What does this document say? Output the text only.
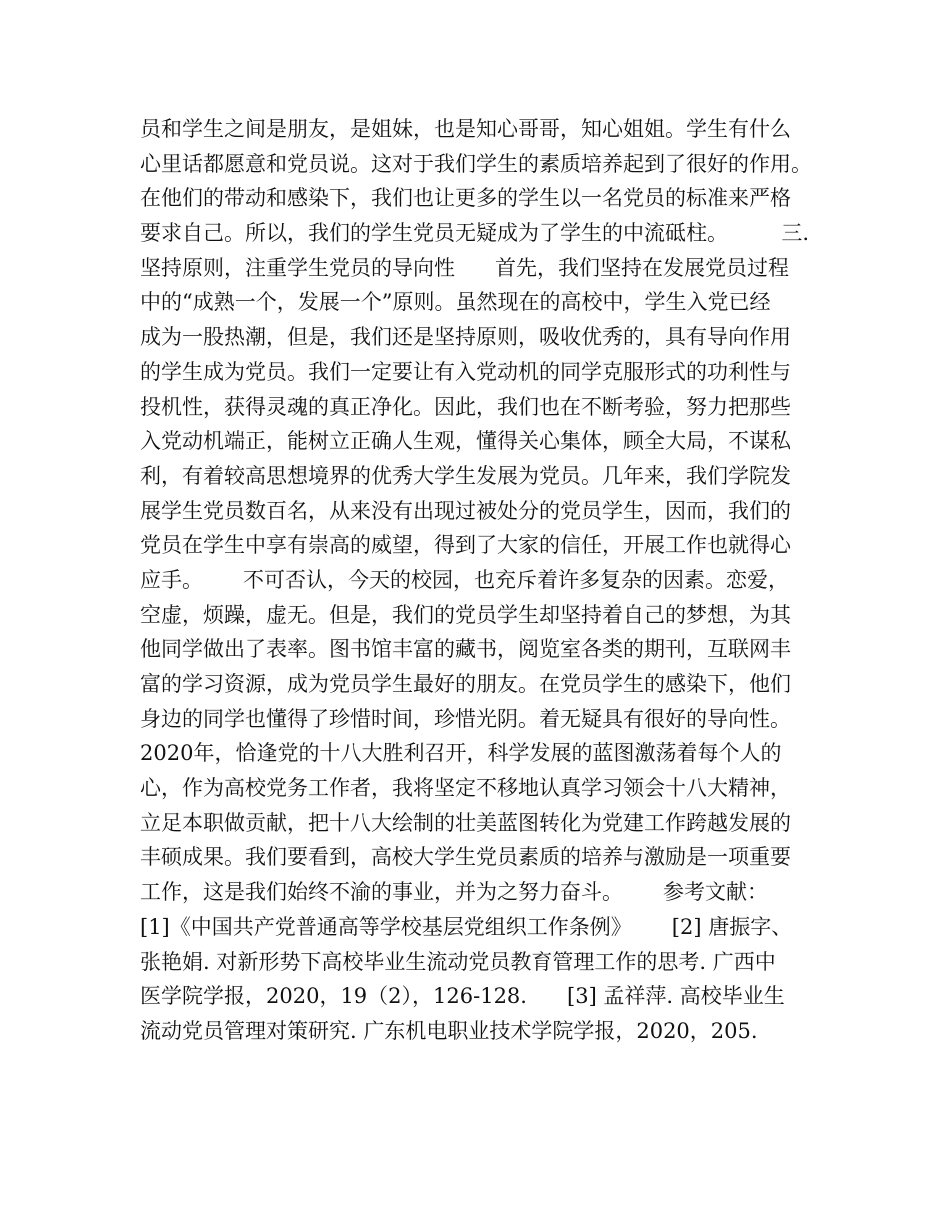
员和学生之间是朋友，是姐妹，也是知心哥哥，知心姐姐。学生有什么
心里话都愿意和党员说。这对于我们学生的素质培养起到了很好的作用。
在他们的带动和感染下，我们也让更多的学生以一名党员的标准来严格
要求自己。所以，我们的学生党员无疑成为了学生的中流砥柱。        三.
坚持原则，注重学生党员的导向性      首先，我们坚持在发展党员过程
中的“成熟一个，发展一个”原则。虽然现在的高校中，学生入党已经
成为一股热潮，但是，我们还是坚持原则，吸收优秀的，具有导向作用
的学生成为党员。我们一定要让有入党动机的同学克服形式的功利性与
投机性，获得灵魂的真正净化。因此，我们也在不断考验，努力把那些
入党动机端正，能树立正确人生观，懂得关心集体，顾全大局，不谋私
利，有着较高思想境界的优秀大学生发展为党员。几年来，我们学院发
展学生党员数百名，从来没有出现过被处分的党员学生，因而，我们的
党员在学生中享有崇高的威望，得到了大家的信任，开展工作也就得心
应手。      不可否认，今天的校园，也充斥着许多复杂的因素。恋爱，
空虚，烦躁，虚无。但是，我们的党员学生却坚持着自己的梦想，为其
他同学做出了表率。图书馆丰富的藏书，阅览室各类的期刊，互联网丰
富的学习资源，成为党员学生最好的朋友。在党员学生的感染下，他们
身边的同学也懂得了珍惜时间，珍惜光阴。着无疑具有很好的导向性。
2020年，恰逢党的十八大胜利召开，科学发展的蓝图激荡着每个人的
心，作为高校党务工作者，我将坚定不移地认真学习领会十八大精神，
立足本职做贡献，把十八大绘制的壮美蓝图转化为党建工作跨越发展的
丰硕成果。我们要看到，高校大学生党员素质的培养与激励是一项重要
工作，这是我们始终不渝的事业，并为之努力奋斗。      参考文献：
[1]《中国共产党普通高等学校基层党组织工作条例》      [2] 唐振字、
张艳娟. 对新形势下高校毕业生流动党员教育管理工作的思考. 广西中
医学院学报，2020，19（2），126-128.      [3] 孟祥萍. 高校毕业生
流动党员管理对策研究. 广东机电职业技术学院学报，2020，205.
